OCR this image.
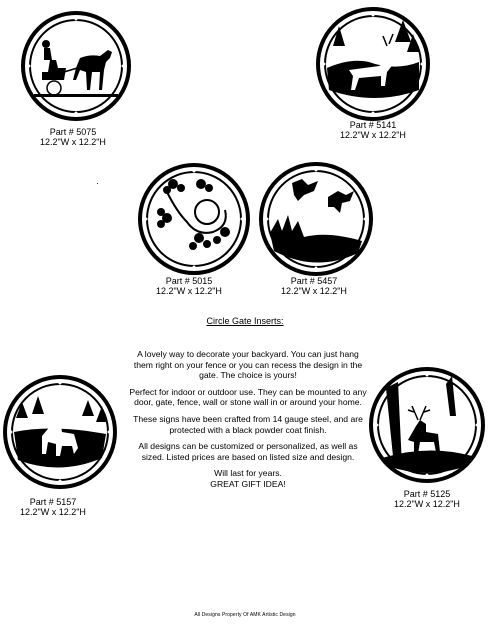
Part # 5075
12.2"W x 12.2"H
Part # 5141
12.2"W x 12.2"H
Part # 5015
12.2"W x 12.2"H
Part # 5457
12.2"W x 12.2"H
Circle Gate Inserts:

A lovely way to decorate your backyard. You can just hang them right on your fence or you can recess the design in the gate. The choice is yours!

Perfect for indoor or outdoor use. They can be mounted to any door, gate, fence, wall or stone wall in or around your home.

These signs have been crafted from 14 gauge steel, and are protected with a black powder coat finish.

All designs can be customized or personalized, as well as sized. Listed prices are based on listed size and design.

Will last for years.

GREAT GIFT IDEA!

Part # 5157
12.2"W x 12.2"H
Part # 5125
12.2"W x 12.2"H
All Designs Property Of AMK Artistic Design
